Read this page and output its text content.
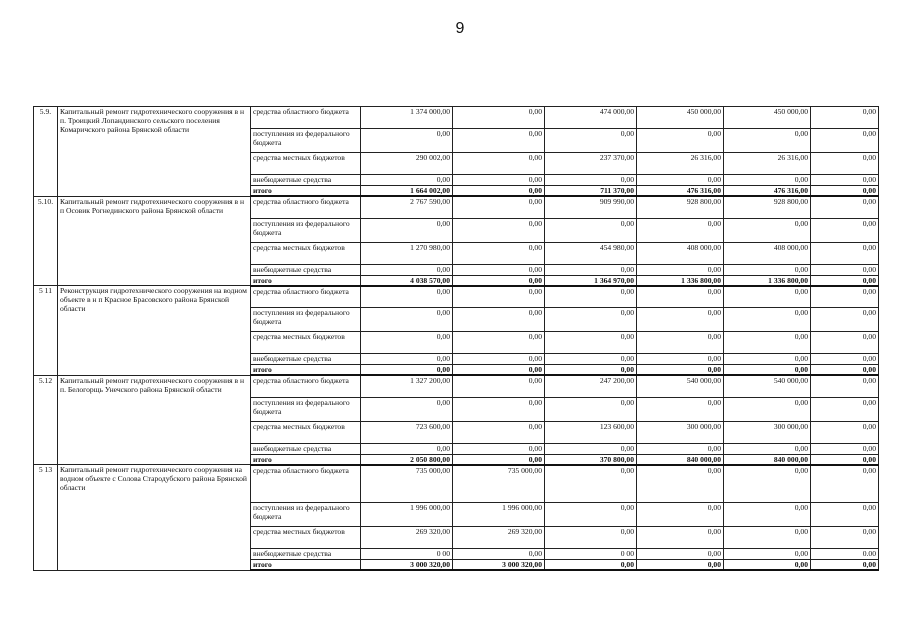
9
5.9.	Капитальный ремонт гидротехнического сооружения в н п. Троицкий Лопандинского сельского поселения Комаричского района Брянской области	средства областного бюджета	1 374 000,00	0,00	474 000,00	450 000,00	450 000,00	0,00
		поступления из федерального бюджета	0,00	0,00	0,00	0,00	0,00	0,00
		средства местных бюджетов	290 002,00	0,00	237 370,00	26 316,00	26 316,00	0,00
		внебюджетные средства	0,00	0,00	0,00	0,00	0,00	0,00
		итого	1 664 002,00	0,00	711 370,00	476 316,00	476 316,00	0,00
5.10.	Капитальный ремонт гидротехнического сооружения в н п Осовик Рогнединского района Брянской области	средства областного бюджета	2 767 590,00	0,00	909 990,00	928 800,00	928 800,00	0,00
		поступления из федерального бюджета	0,00	0,00	0,00	0,00	0,00	0,00
		средства местных бюджетов	1 270 980,00	0,00	454 980,00	408 000,00	408 000,00	0,00
		внебюджетные средства	0,00	0,00	0,00	0,00	0,00	0,00
		итого	4 038 570,00	0,00	1 364 970,00	1 336 800,00	1 336 800,00	0,00
5 11	Реконструкция гидротехнического сооружения на водном объекте в н п Красное Брасовского района Брянской области	средства областного бюджета	0,00	0,00	0,00	0,00	0,00	0,00
		поступления из федерального бюджета	0,00	0,00	0,00	0,00	0,00	0,00
		средства местных бюджетов	0,00	0,00	0,00	0,00	0,00	0,00
		внебюджетные средства	0,00	0,00	0,00	0,00	0,00	0,00
		итого	0,00	0,00	0,00	0,00	0,00	0,00
5.12	Капитальный ремонт гидротехнического сооружения в н п. Белогорщь Унечского района Брянской области	средства областного бюджета	1 327 200,00	0,00	247 200,00	540 000,00	540 000,00	0,00
		поступления из федерального бюджета	0,00	0,00	0,00	0,00	0,00	0,00
		средства местных бюджетов	723 600,00	0,00	123 600,00	300 000,00	300 000,00	0,00
		внебюджетные средства	0,00	0,00	0,00	0,00	0,00	0,00
		итого	2 050 800,00	0,00	370 800,00	840 000,00	840 000,00	0,00
5 13	Капитальный ремонт гидротехнического сооружения на водном объекте с Солова Стародубского района Брянской области	средства областного бюджета	735 000,00	735 000,00	0,00	0,00	0,00	0,00
		поступления из федерального бюджета	1 996 000,00	1 996 000,00	0,00	0,00	0,00	0,00
		средства местных бюджетов	269 320,00	269 320,00	0,00	0,00	0,00	0,00
		внебюджетные средства	0 00	0,00	0 00	0,00	0,00	0.00
		итого	3 000 320,00	3 000 320,00	0,00	0,00	0,00	0,00
